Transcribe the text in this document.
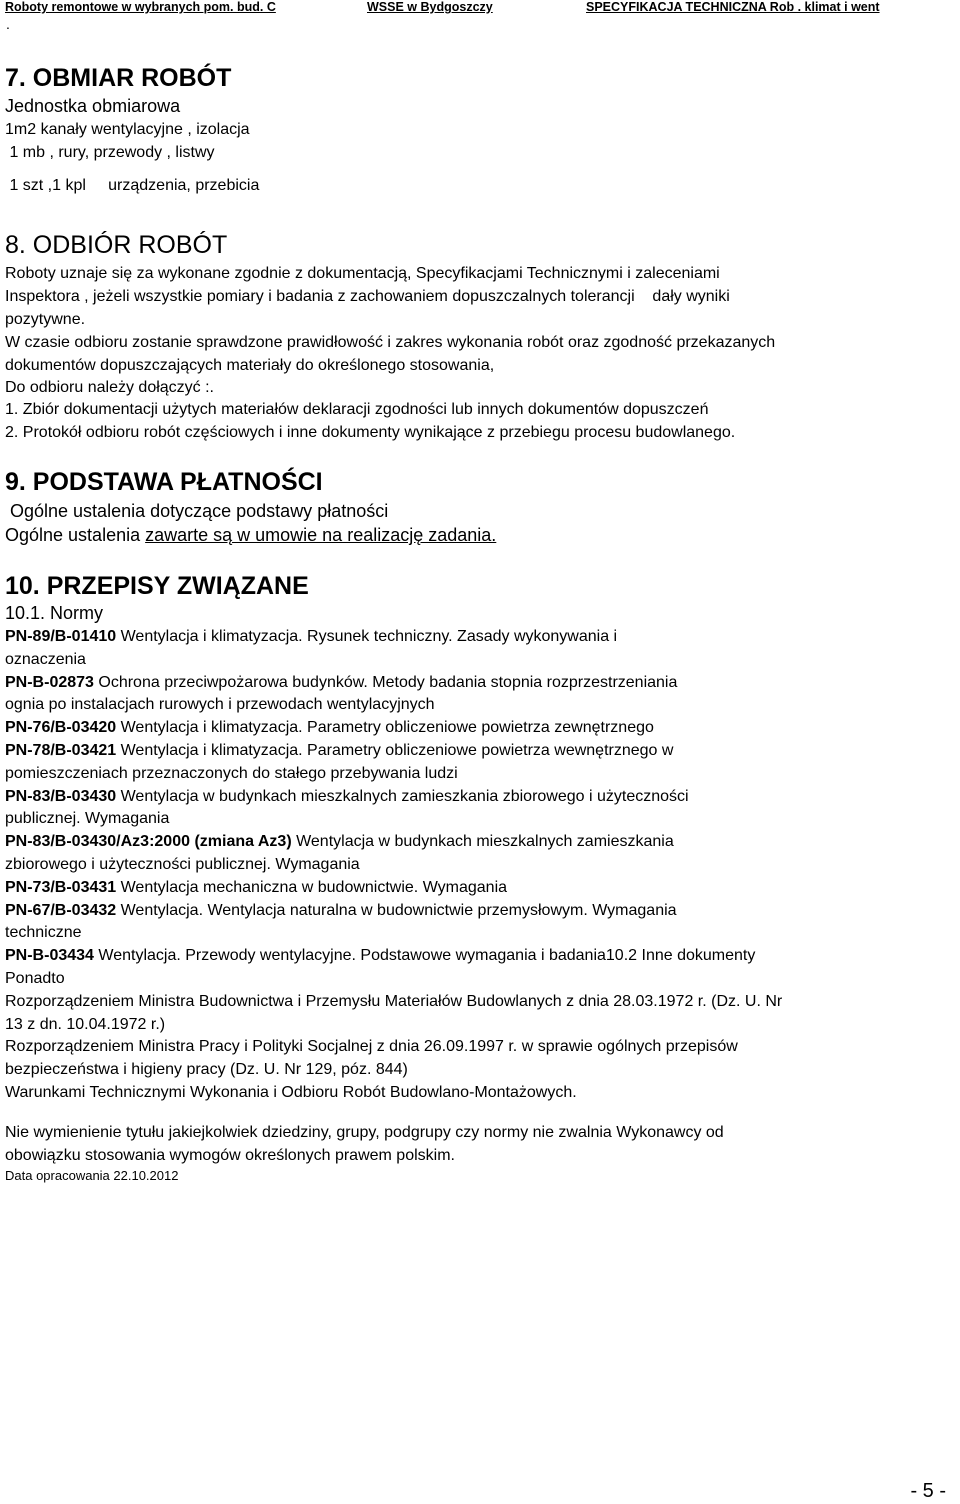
Roboty remontowe w wybranych pom. bud. C	WSSE w Bydgoszczy	SPECYFIKACJA TECHNICZNA Rob . klimat i went
.
7. OBMIAR ROBÓT
Jednostka obmiarowa
1m2 kanały wentylacyjne , izolacja
1 mb , rury, przewody , listwy
1 szt ,1 kpl     urządzenia, przebicia
8. ODBIÓR ROBÓT
Roboty uznaje się za wykonane zgodnie z dokumentacją, Specyfikacjami Technicznymi i zaleceniami
Inspektora , jeżeli wszystkie pomiary i badania z zachowaniem dopuszczalnych tolerancji    dały wyniki
pozytywne.
W czasie odbioru zostanie sprawdzone prawidłowość i zakres wykonania robót oraz zgodność przekazanych
dokumentów dopuszczających materiały do określonego stosowania,
Do odbioru należy dołączyć :.
1. Zbiór dokumentacji użytych materiałów deklaracji zgodności lub innych dokumentów dopuszczeń
2. Protokół odbioru robót częściowych i inne dokumenty wynikające z przebiegu procesu budowlanego.
9. PODSTAWA PŁATNOŚCI
Ogólne ustalenia dotyczące podstawy płatności
Ogólne ustalenia zawarte są w umowie na realizację zadania.
10. PRZEPISY ZWIĄZANE
10.1. Normy
PN-89/B-01410 Wentylacja i klimatyzacja. Rysunek techniczny. Zasady wykonywania i
oznaczenia
PN-B-02873 Ochrona przeciwpożarowa budynków. Metody badania stopnia rozprzestrzeniania
ognia po instalacjach rurowych i przewodach wentylacyjnych
PN-76/B-03420 Wentylacja i klimatyzacja. Parametry obliczeniowe powietrza zewnętrznego
PN-78/B-03421 Wentylacja i klimatyzacja. Parametry obliczeniowe powietrza wewnętrznego w
pomieszczeniach przeznaczonych do stałego przebywania ludzi
PN-83/B-03430 Wentylacja w budynkach mieszkalnych zamieszkania zbiorowego i użyteczności
publicznej. Wymagania
PN-83/B-03430/Az3:2000 (zmiana Az3) Wentylacja w budynkach mieszkalnych zamieszkania
zbiorowego i użyteczności publicznej. Wymagania
PN-73/B-03431 Wentylacja mechaniczna w budownictwie. Wymagania
PN-67/B-03432 Wentylacja. Wentylacja naturalna w budownictwie przemysłowym. Wymagania
techniczne
PN-B-03434 Wentylacja. Przewody wentylacyjne. Podstawowe wymagania i badania10.2 Inne dokumenty
Ponadto
Rozporządzeniem Ministra Budownictwa i Przemysłu Materiałów Budowlanych z dnia 28.03.1972 r. (Dz. U. Nr
13 z dn. 10.04.1972 r.)
Rozporządzeniem Ministra Pracy i Polityki Socjalnej z dnia 26.09.1997 r. w sprawie ogólnych przepisów
bezpieczeństwa i higieny pracy (Dz. U. Nr 129, póz. 844)
Warunkami Technicznymi Wykonania i Odbioru Robót Budowlano-Montażowych.
Nie wymienienie tytułu jakiejkolwiek dziedziny, grupy, podgrupy czy normy nie zwalnia Wykonawcy od
obowiązku stosowania wymogów określonych prawem polskim.
Data opracowania 22.10.2012
- 5 -
